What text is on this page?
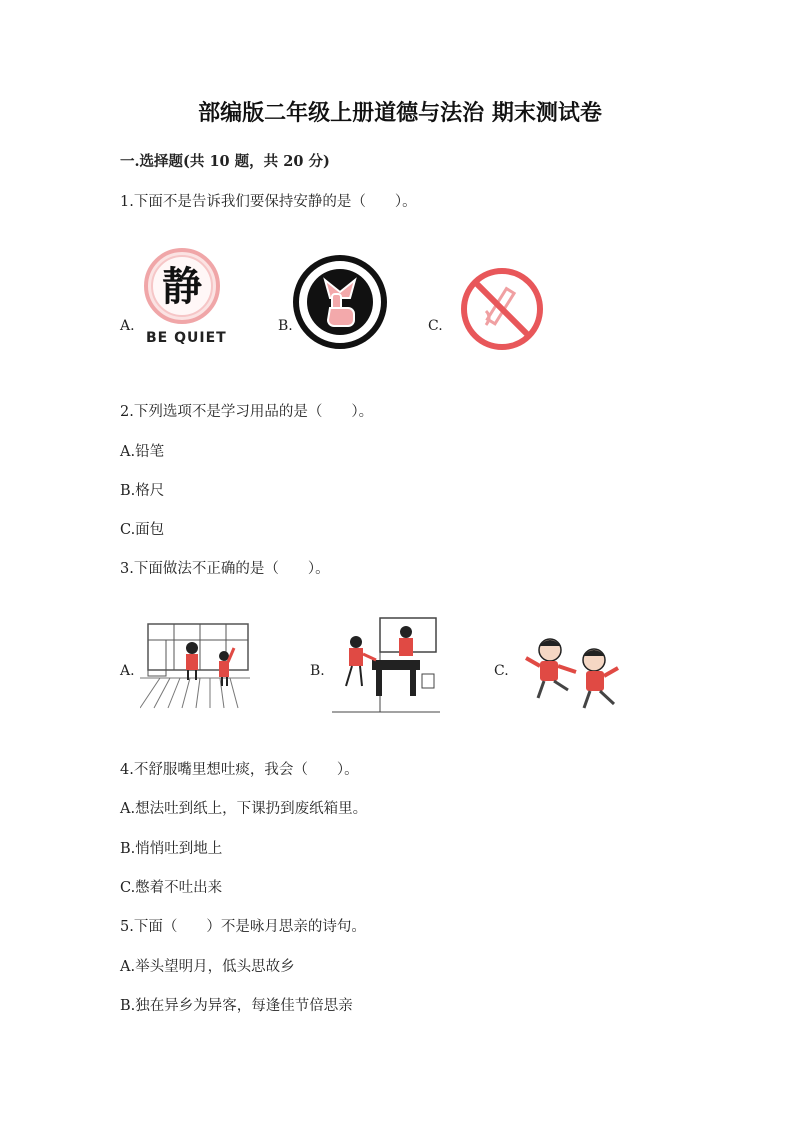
部编版二年级上册道德与法治 期末测试卷
一.选择题(共 10 题，共 20 分)
1.下面不是告诉我们要保持安静的是（　　）。
A.
静
BE QUIET
B.	C.
2.下列选项不是学习用品的是（　　）。
A.铅笔
B.格尺
C.面包
3.下面做法不正确的是（　　）。
A.	B.	C.
4.不舒服嘴里想吐痰，我会（　　）。
A.想法吐到纸上，下课扔到废纸箱里。
B.悄悄吐到地上
C.憋着不吐出来
5.下面（　　）不是咏月思亲的诗句。
A.举头望明月，低头思故乡
B.独在异乡为异客，每逢佳节倍思亲
